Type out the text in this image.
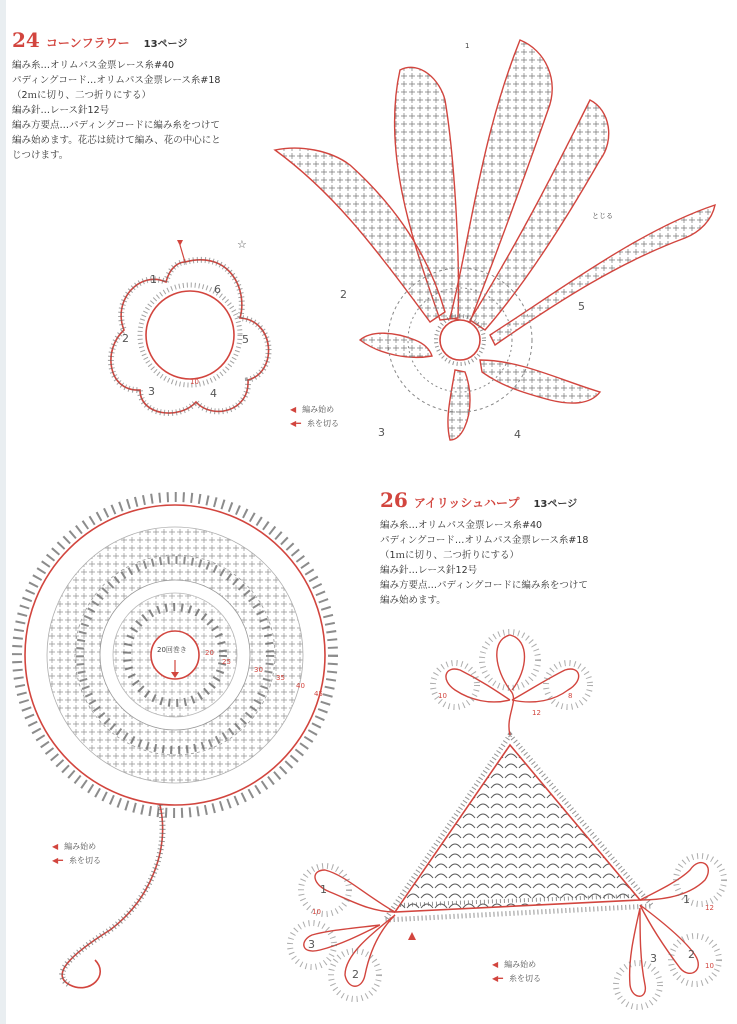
24 コーンフラワー 13ページ
編み糸…オリムパス金票レース糸#40
パディングコード…オリムパス金票レース糸#18
（2ｍに切り、二つ折りにする）
編み針…レース針12号
編み方要点…パディングコードに編み糸をつけて
編み始めます。花芯は続けて編み、花の中心にと
じつけます。
26 アイリッシュハープ 13ページ
編み糸…オリムパス金票レース糸#40
パディングコード…オリムパス金票レース糸#18
（1ｍに切り、二つ折りにする）
編み針…レース針12号
編み方要点…パディングコードに編み糸をつけて
編み始めます。
◀ 編み始め
◀━ 糸を切る
◀ 編み始め
◀━ 糸を切る
◀ 編み始め
◀━ 糸を切る
☆
1
2
3	4
5
6
10
1
2
3	4
5
とじる
20回巻き	20
25
30
35
40
45
1
2
3
1
2
3
12
10	8
10	12
10
